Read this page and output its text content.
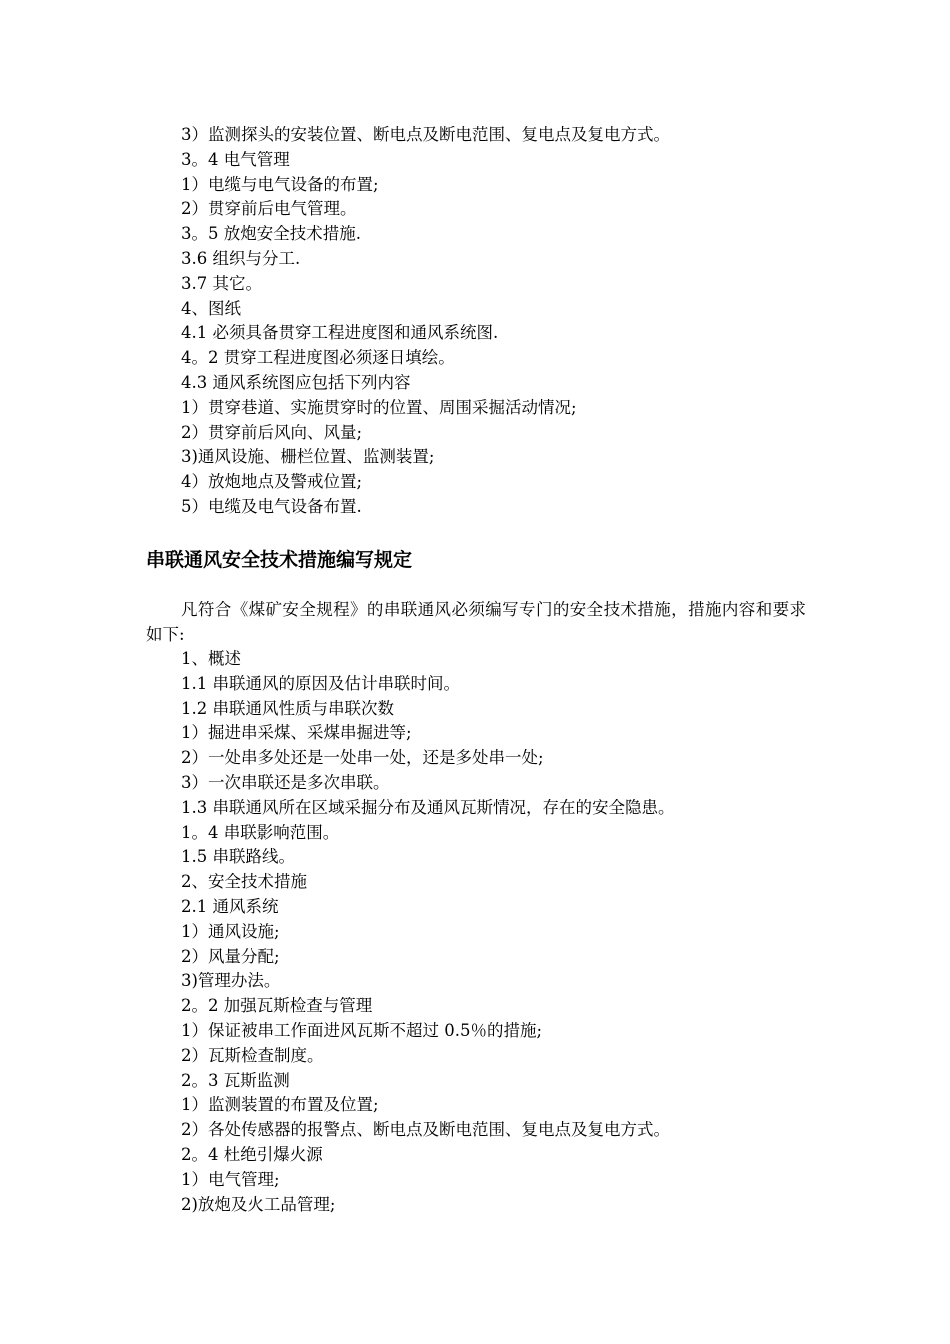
3）监测探头的安装位置、断电点及断电范围、复电点及复电方式。
3。4 电气管理
1）电缆与电气设备的布置;
2）贯穿前后电气管理。
3。5 放炮安全技术措施.
3.6 组织与分工.
3.7 其它。
4、图纸
4.1 必须具备贯穿工程进度图和通风系统图.
4。2 贯穿工程进度图必须逐日填绘。
4.3 通风系统图应包括下列内容
1）贯穿巷道、实施贯穿时的位置、周围采掘活动情况;
2）贯穿前后风向、风量;
3)通风设施、栅栏位置、监测装置;
4）放炮地点及警戒位置;
5）电缆及电气设备布置.
串联通风安全技术措施编写规定
凡符合《煤矿安全规程》的串联通风必须编写专门的安全技术措施，措施内容和要求如下:
1、概述
1.1 串联通风的原因及估计串联时间。
1.2 串联通风性质与串联次数
1）掘进串采煤、采煤串掘进等;
2）一处串多处还是一处串一处，还是多处串一处;
3）一次串联还是多次串联。
1.3 串联通风所在区域采掘分布及通风瓦斯情况，存在的安全隐患。
1。4 串联影响范围。
1.5 串联路线。
2、安全技术措施
2.1 通风系统
1）通风设施;
2）风量分配;
3)管理办法。
2。2 加强瓦斯检查与管理
1）保证被串工作面进风瓦斯不超过 0.5％的措施;
2）瓦斯检查制度。
2。3 瓦斯监测
1）监测装置的布置及位置;
2）各处传感器的报警点、断电点及断电范围、复电点及复电方式。
2。4 杜绝引爆火源
1）电气管理;
2)放炮及火工品管理;
